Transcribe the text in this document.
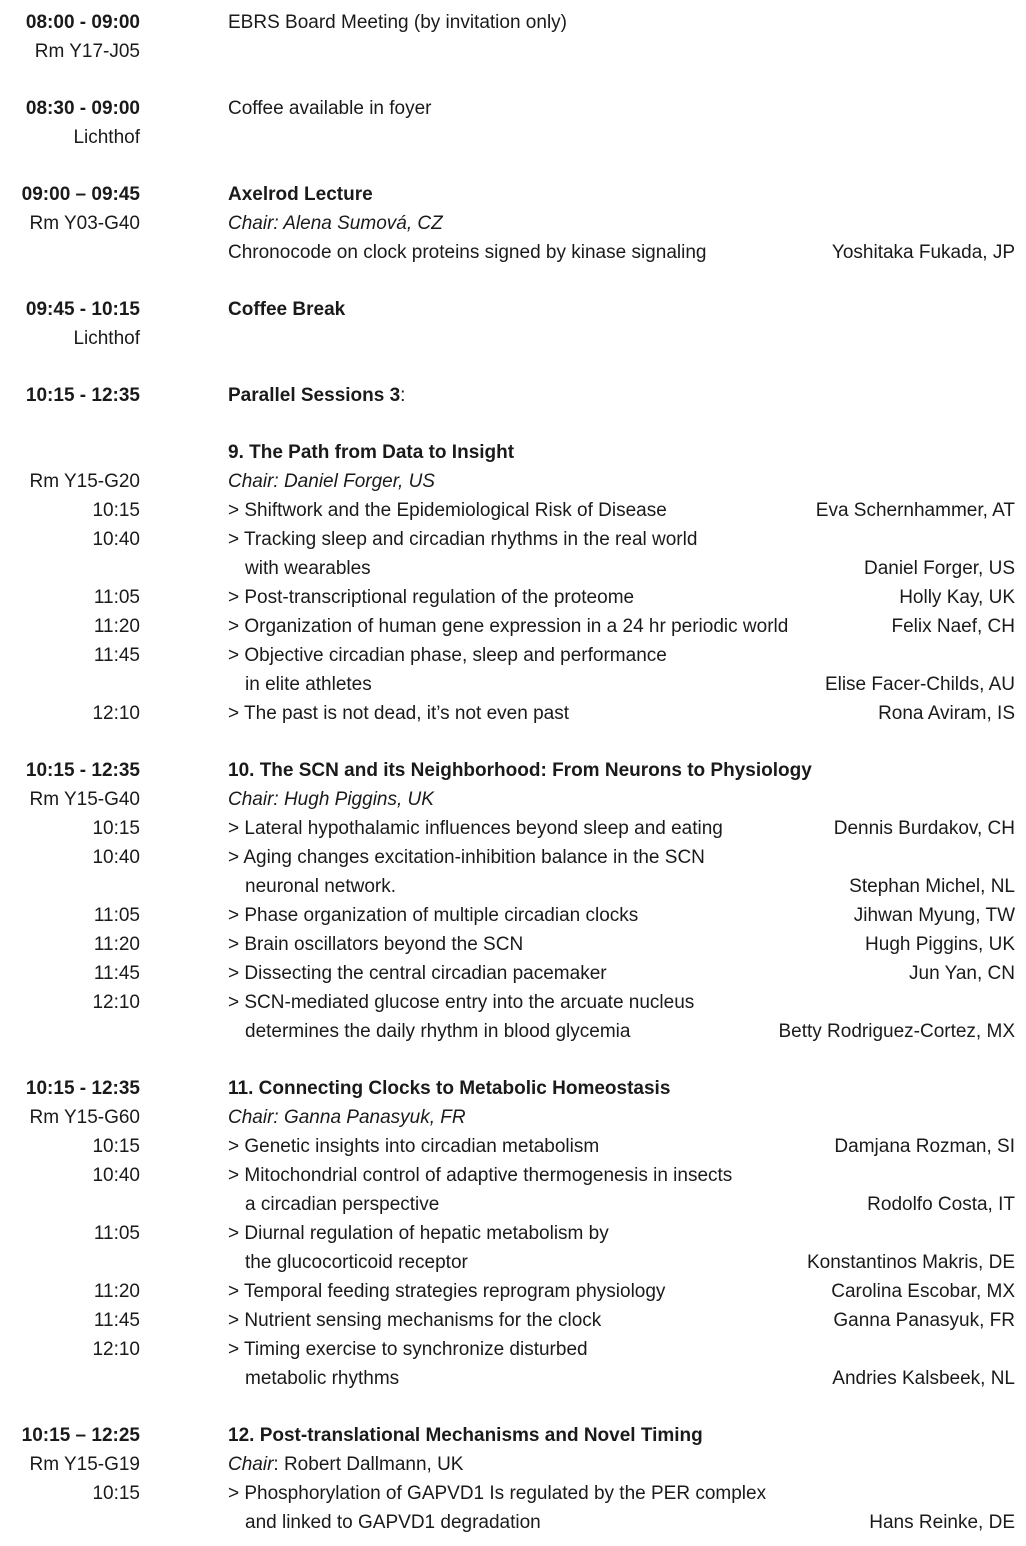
08:00 - 09:00	EBRS Board Meeting (by invitation only)
Rm Y17-J05
08:30 - 09:00	Coffee available in foyer
Lichthof
09:00 – 09:45	Axelrod Lecture
Rm Y03-G40	Chair: Alena Sumová, CZ
Chronocode on clock proteins signed by kinase signaling	Yoshitaka Fukada, JP
09:45 - 10:15	Coffee Break
Lichthof
10:15 - 12:35	Parallel Sessions 3:
9. The Path from Data to Insight
Rm Y15-G20	Chair: Daniel Forger, US
10:15	> Shiftwork and the Epidemiological Risk of Disease	Eva Schernhammer, AT
10:40	> Tracking sleep and circadian rhythms in the real world
with wearables	Daniel Forger, US
11:05	> Post-transcriptional regulation of the proteome	Holly Kay, UK
11:20	> Organization of human gene expression in a 24 hr periodic world	Felix Naef, CH
11:45	> Objective circadian phase, sleep and performance
in elite athletes	Elise Facer-Childs, AU
12:10	> The past is not dead, it’s not even past	Rona Aviram, IS
10:15 - 12:35	10. The SCN and its Neighborhood: From Neurons to Physiology
Rm Y15-G40	Chair: Hugh Piggins, UK
10:15	> Lateral hypothalamic influences beyond sleep and eating	Dennis Burdakov, CH
10:40	> Aging changes excitation-inhibition balance in the SCN
neuronal network.	Stephan Michel, NL
11:05	> Phase organization of multiple circadian clocks	Jihwan Myung, TW
11:20	> Brain oscillators beyond the SCN	Hugh Piggins, UK
11:45	> Dissecting the central circadian pacemaker	Jun Yan, CN
12:10	> SCN-mediated glucose entry into the arcuate nucleus
determines the daily rhythm in blood glycemia	Betty Rodriguez-Cortez, MX
10:15 - 12:35	11. Connecting Clocks to Metabolic Homeostasis
Rm Y15-G60	Chair: Ganna Panasyuk, FR
10:15	> Genetic insights into circadian metabolism	Damjana Rozman, SI
10:40	> Mitochondrial control of adaptive thermogenesis in insects
a circadian perspective	Rodolfo Costa, IT
11:05	> Diurnal regulation of hepatic metabolism by
the glucocorticoid receptor	Konstantinos Makris, DE
11:20	> Temporal feeding strategies reprogram physiology	Carolina Escobar, MX
11:45	> Nutrient sensing mechanisms for the clock	Ganna Panasyuk, FR
12:10	> Timing exercise to synchronize disturbed
metabolic rhythms	Andries Kalsbeek, NL
10:15 – 12:25	12. Post-translational Mechanisms and Novel Timing
Rm Y15-G19	Chair: Robert Dallmann, UK
10:15	> Phosphorylation of GAPVD1 Is regulated by the PER complex
and linked to GAPVD1 degradation	Hans Reinke, DE
